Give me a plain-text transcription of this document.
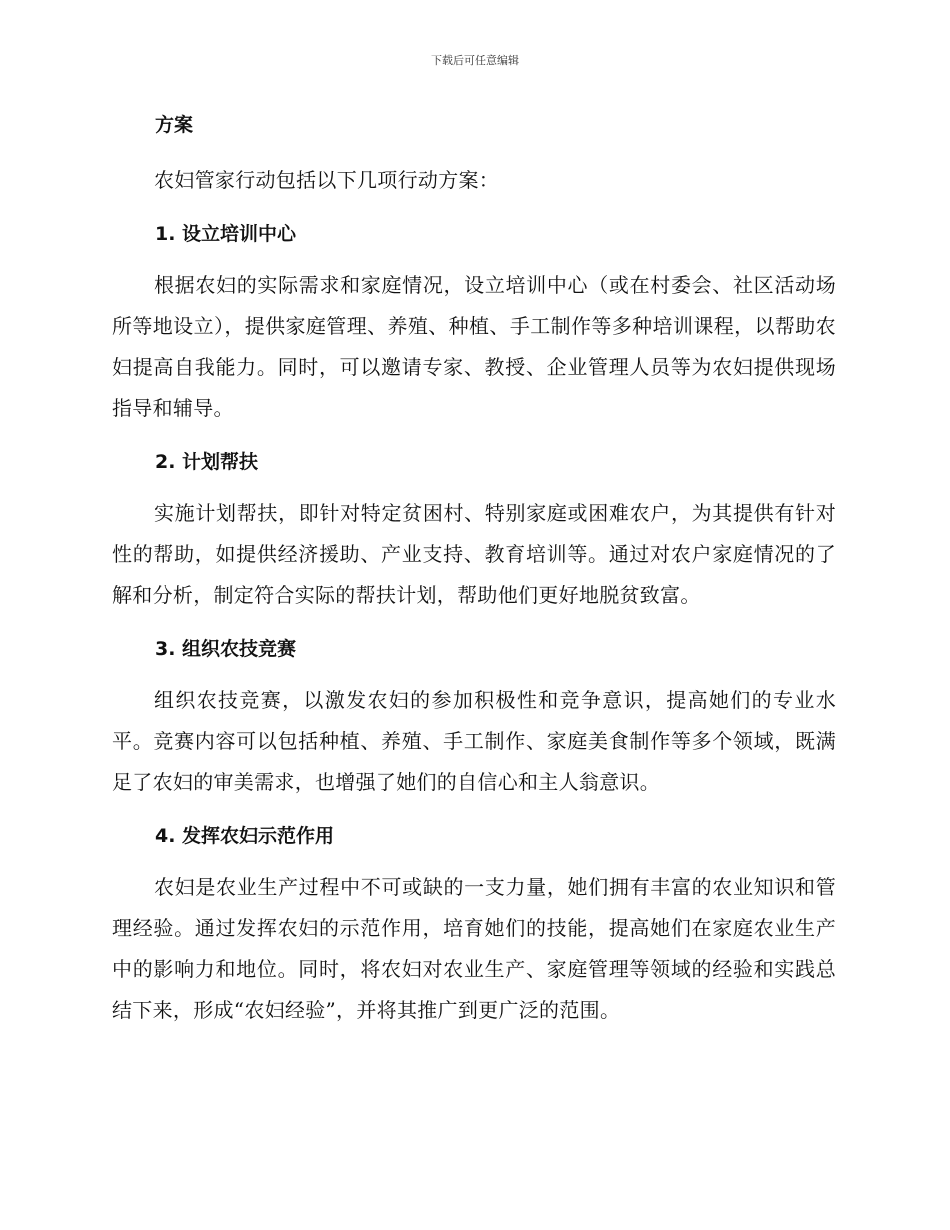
下载后可任意编辑

方案

农妇管家行动包括以下几项行动方案：

1. 设立培训中心

根据农妇的实际需求和家庭情况，设立培训中心（或在村委会、社区活动场所等地设立），提供家庭管理、养殖、种植、手工制作等多种培训课程，以帮助农妇提高自我能力。同时，可以邀请专家、教授、企业管理人员等为农妇提供现场指导和辅导。

2. 计划帮扶

实施计划帮扶，即针对特定贫困村、特别家庭或困难农户，为其提供有针对性的帮助，如提供经济援助、产业支持、教育培训等。通过对农户家庭情况的了解和分析，制定符合实际的帮扶计划，帮助他们更好地脱贫致富。

3. 组织农技竞赛

组织农技竞赛，以激发农妇的参加积极性和竞争意识，提高她们的专业水平。竞赛内容可以包括种植、养殖、手工制作、家庭美食制作等多个领域，既满足了农妇的审美需求，也增强了她们的自信心和主人翁意识。

4. 发挥农妇示范作用

农妇是农业生产过程中不可或缺的一支力量，她们拥有丰富的农业知识和管理经验。通过发挥农妇的示范作用，培育她们的技能，提高她们在家庭农业生产中的影响力和地位。同时，将农妇对农业生产、家庭管理等领域的经验和实践总结下来，形成“农妇经验”，并将其推广到更广泛的范围。
